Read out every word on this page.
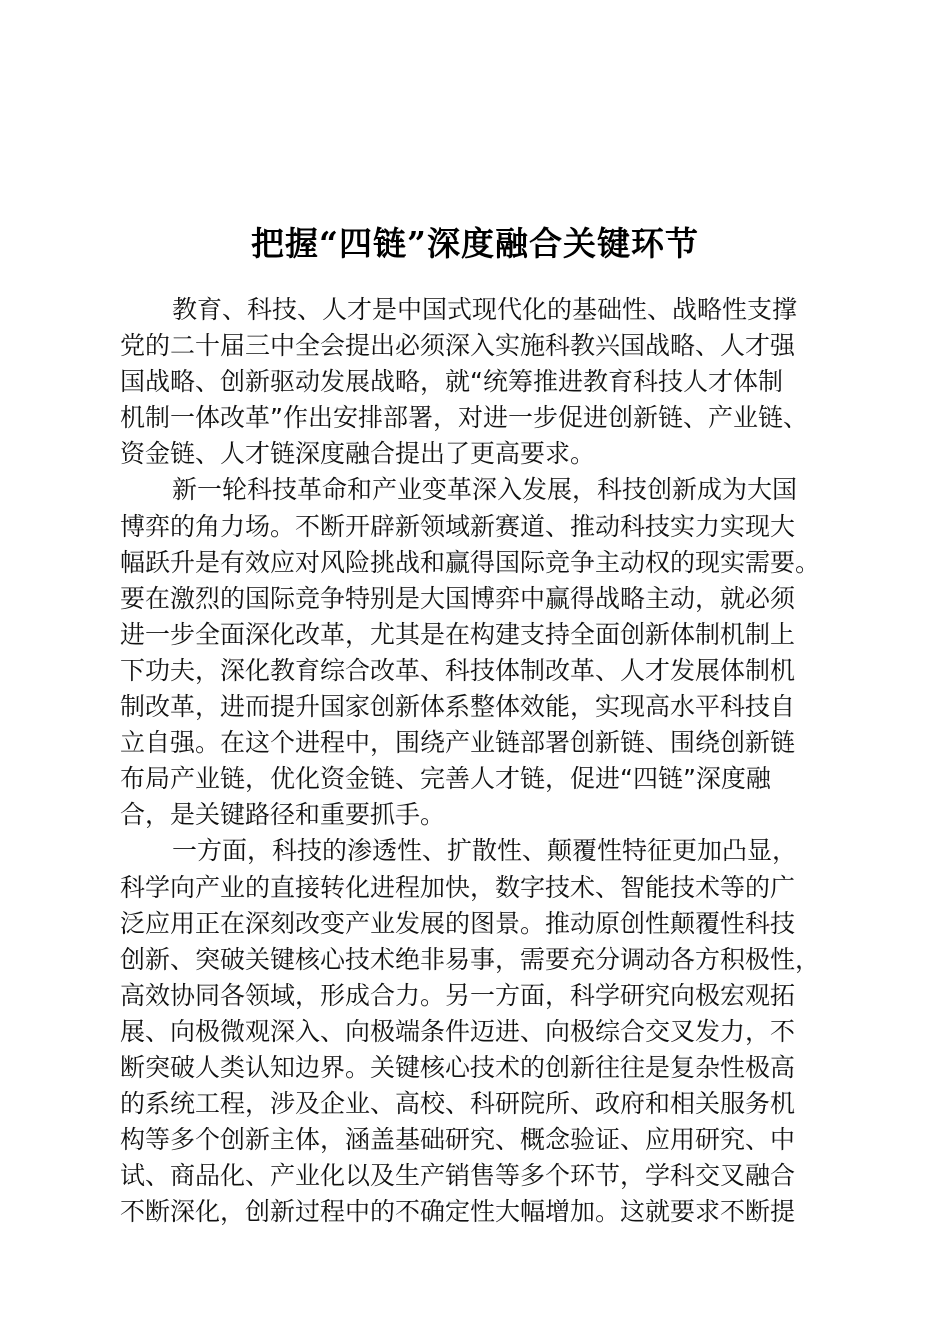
把握“四链”深度融合关键环节
教育、科技、人才是中国式现代化的基础性、战略性支撑
党的二十届三中全会提出必须深入实施科教兴国战略、人才强
国战略、创新驱动发展战略，就“统筹推进教育科技人才体制
机制一体改革”作出安排部署，对进一步促进创新链、产业链、
资金链、人才链深度融合提出了更高要求。
新一轮科技革命和产业变革深入发展，科技创新成为大国
博弈的角力场。不断开辟新领域新赛道、推动科技实力实现大
幅跃升是有效应对风险挑战和赢得国际竞争主动权的现实需要。
要在激烈的国际竞争特别是大国博弈中赢得战略主动，就必须
进一步全面深化改革，尤其是在构建支持全面创新体制机制上
下功夫，深化教育综合改革、科技体制改革、人才发展体制机
制改革，进而提升国家创新体系整体效能，实现高水平科技自
立自强。在这个进程中，围绕产业链部署创新链、围绕创新链
布局产业链，优化资金链、完善人才链，促进“四链”深度融
合，是关键路径和重要抓手。
一方面，科技的渗透性、扩散性、颠覆性特征更加凸显，
科学向产业的直接转化进程加快，数字技术、智能技术等的广
泛应用正在深刻改变产业发展的图景。推动原创性颠覆性科技
创新、突破关键核心技术绝非易事，需要充分调动各方积极性，
高效协同各领域，形成合力。另一方面，科学研究向极宏观拓
展、向极微观深入、向极端条件迈进、向极综合交叉发力，不
断突破人类认知边界。关键核心技术的创新往往是复杂性极高
的系统工程，涉及企业、高校、科研院所、政府和相关服务机
构等多个创新主体，涵盖基础研究、概念验证、应用研究、中
试、商品化、产业化以及生产销售等多个环节，学科交叉融合
不断深化，创新过程中的不确定性大幅增加。这就要求不断提
